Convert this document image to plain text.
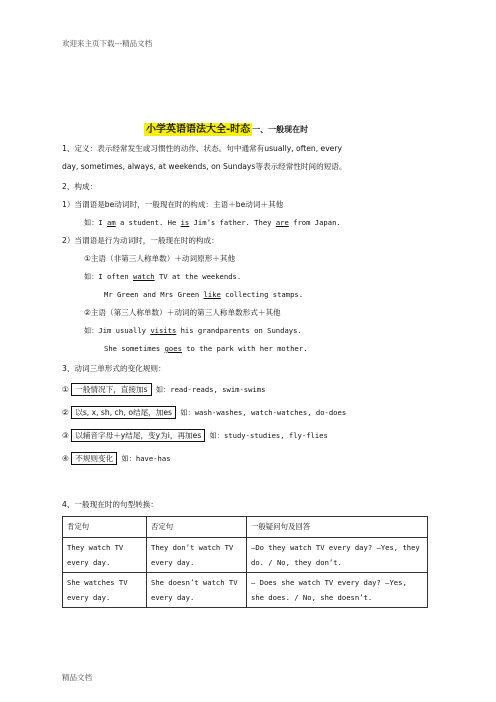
欢迎来主页下载---精品文档
小学英语语法大全-时态 一、一般现在时
1、定义：表示经常发生或习惯性的动作、状态。句中通常有usually, often, every
day, sometimes, always, at weekends, on Sundays等表示经常性时间的短语。
2、构成：
1）当谓语是be动词时，一般现在时的构成：主语＋be动词＋其他
如：I am a student. He is Jim’s father. They are from Japan.
2）当谓语是行为动词时，一般现在时的构成：
①主语（非第三人称单数）＋动词原形＋其他
如：I often watch TV at the weekends.
Mr Green and Mrs Green like collecting stamps.
②主语（第三人称单数）＋动词的第三人称单数形式＋其他
如：Jim usually visits his grandparents on Sundays.
She sometimes goes to the park with her mother.
3、动词三单形式的变化规则：
① 一般情况下，直接加s 如：read-reads, swim-swims
② 以s, x, sh, ch, o结尾，加es 如：wash-washes, watch-watches, do-does
③ 以辅音字母＋y结尾，变y为i，再加es 如：study-studies, fly-flies
④ 不规则变化 如：have-has
4、一般现在时的句型转换：
肯定句	否定句	一般疑问句及回答
They watch TV every day.	They don’t watch TV every day.	—Do they watch TV every day? —Yes, they do. / No, they don’t.
She watches TV every day.	She doesn’t watch TV every day.	— Does she watch TV every day? —Yes, she does. / No, she doesn’t.
精品文档
